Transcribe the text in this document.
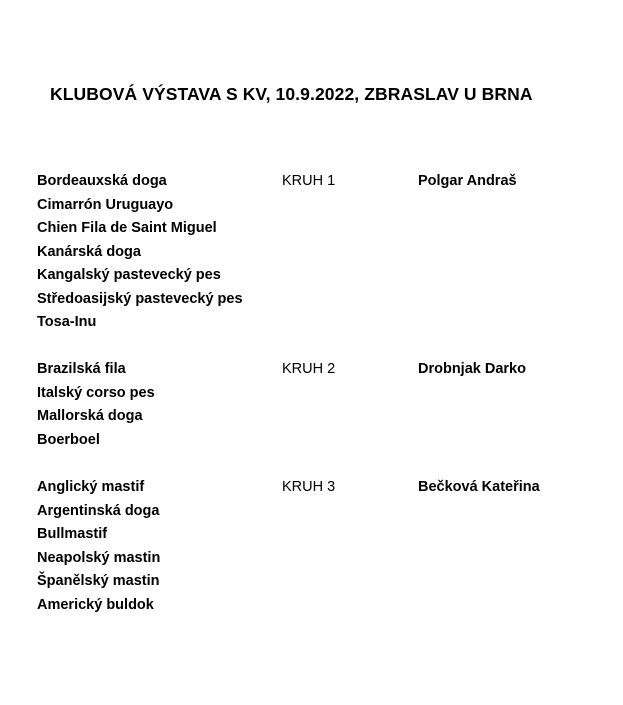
KLUBOVÁ VÝSTAVA S KV, 10.9.2022, ZBRASLAV U BRNA
Bordeauxská doga
Cimarrón Uruguayo
Chien Fila de Saint Miguel
Kanárská doga
Kangalský pastevecký pes
Středoasijský pastevecký pes
Tosa-Inu
KRUH 1	Polgar Andraš
Brazilská fila
Italský corso pes
Mallorská doga
Boerboel
KRUH 2	Drobnjak Darko
Anglický mastif
Argentinská doga
Bullmastif
Neapolský mastin
Španělský mastin
Americký buldok
KRUH 3	Bečková Kateřina
